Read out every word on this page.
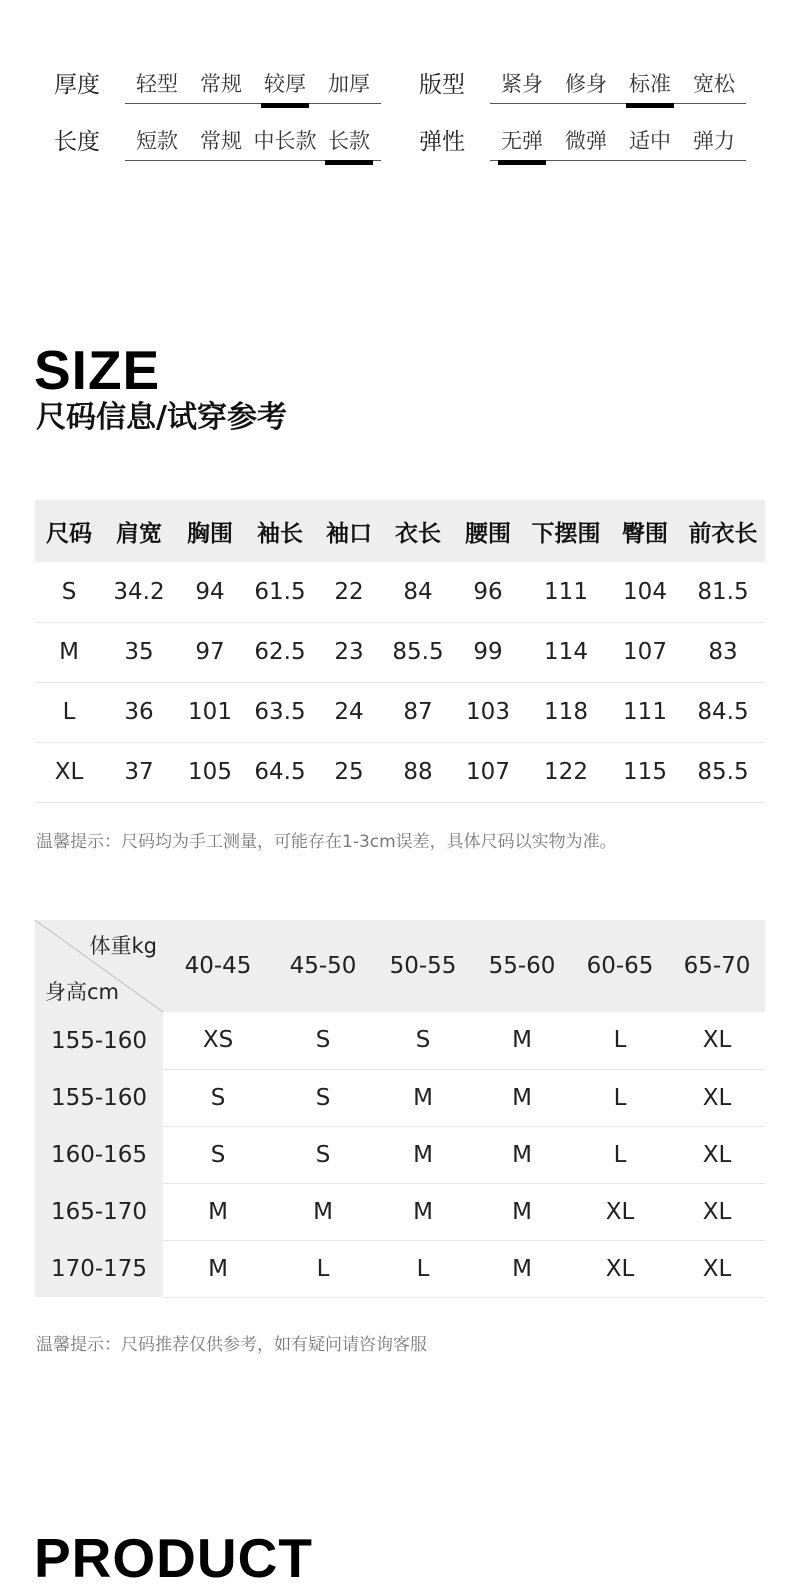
厚度	轻型	常规	较厚	加厚	版型	紧身	修身	标准	宽松
长度	短款	常规 中长款 长款	弹性	无弹	微弹	适中	弹力
SIZE
尺码信息/试穿参考
尺码	肩宽	胸围	袖长	袖口	衣长	腰围	下摆围	臀围	前衣长
S	34.2	94	61.5	22	84	96	111	104	81.5
M	35	97	62.5	23	85.5	99	114	107	83
L	36	101	63.5	24	87	103	118	111	84.5
XL	37	105	64.5	25	88	107	122	115	85.5
温馨提示：尺码均为手工测量，可能存在1-3cm误差，具体尺码以实物为准。
体重kg
身高cm	40-45	45-50	50-55	55-60	60-65	65-70
155-160	XS	S	S	M	L	XL
155-160	S	S	M	M	L	XL
160-165	S	S	M	M	L	XL
165-170	M	M	M	M	XL	XL
170-175	M	L	L	M	XL	XL
温馨提示：尺码推荐仅供参考，如有疑问请咨询客服
PRODUCT
